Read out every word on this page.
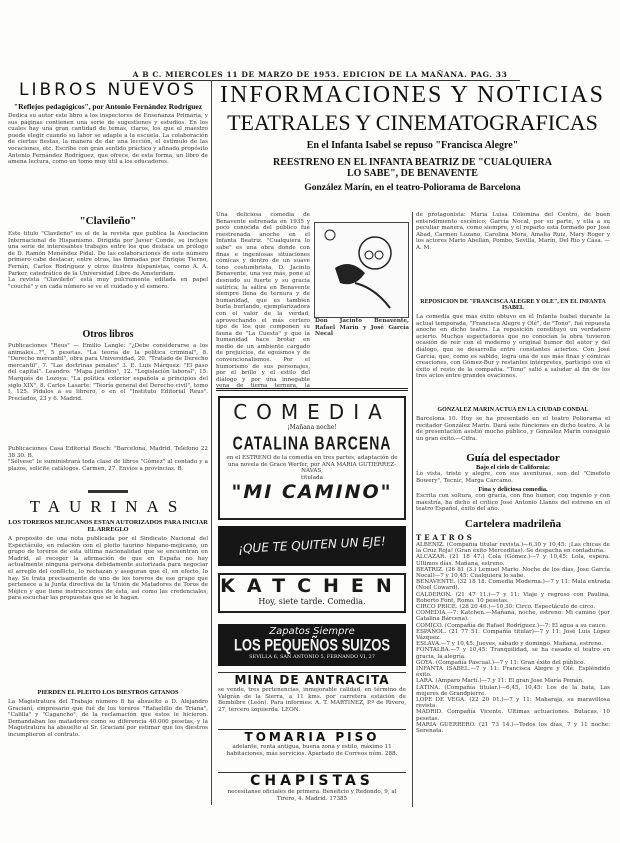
A B C. MIERCOLES 11 DE MARZO DE 1953. EDICION DE LA MAÑANA. PAG. 33
LIBROS NUEVOS
"Reflejos pedagógicos", por Antonio Fernández Rodríguez
Dedica su autor este libro a los inspectores de Enseñanza Primaria, y sus páginas contienen una serie de sugestiones y estudios. En los cuales hay una gran cantidad de temas, claros, los que el maestro puede elegir cuando su labor se adapte a la escuela. La colaboración de ciertas fiestas, la manera de dar una lección, el estímulo de las vocaciones, etc. Escribe con gran sentido práctico y afinado propósito Antonio Fernández Rodríguez, que ofrece, de esta forma, un libro de amena lectura, como un tomo muy útil a los educadores.
"Clavileño"
Este título "Clavileño" es el de la revista que publica la Asociación Internacional de Hispanismo. Dirigida por Javier Conde, se incluye una serie de interesantes trabajos entre los que destaca un prólogo de D. Ramón Menéndez Pidal. De las colaboraciones de este número primero cabe destacar, entre otras, las firmadas por Enrique Tierno, Fernán, Carlos Rodríguez y otros ilustres hispanistas, como A. A. Parker, catedrático de la Universidad Libre de Amsterdam.
La revista "Clavileño" está muy pulcramente editada en papel "couché" y en cada número se ve el cuidado y el esmero.
Otros libros
Publicaciones "Reus" — Emilio Langle: "¿Debe considerarse a los animales...?", 5 pesetas. "La teoría de la política criminal", 8. "Derecho mercantil", obra para Universidad, 20. "Tratado de Derecho mercantil", 7. "Las doctrinas penales" 3. E. Luis Márquez: "El paso del capital". Leandro: "Mapa jurídico", 12. "Legislación laboral", 15. Marqués de Lozoya: "La política exterior española a principios del siglo XIX", 8. Carlos Lasarte: "Teoría general del Derecho civil", tomo I, 125. Pídalos a su librero, o en el "Instituto Editorial Reus". Preciados, 23 y 6. Madrid.
Publicaciones Casa Editorial Bosch: "Barcelona, Madrid. Teléfono 22 38 30. B.
"Sélvese" le suministrará toda clase de libros "Gómez" al contado y a plazos, solicite catálogos. Carmen, 27. Envíos a provincias. B.
TAURINAS
LOS TOREROS MEJICANOS ESTAN AUTORIZADOS PARA INICIAR EL ARREGLO
A propósito de una nota publicada por el Sindicato Nacional del Espectáculo, en relación con el pleito taurino hispano-mejicano, un grupo de toreros de esta última nacionalidad que se encuentran en Madrid, al recoger la afirmación de que en España no hay actualmente ninguna persona debidamente autorizada para negociar el arreglo del conflicto, lo rechazan y aseguran que él, en efecto, lo hay. Se trata precisamente de uno de los toreros de ese grupo que pertenece a la Junta directiva de la Unión de Matadores de Toros de Méjico y que tiene instrucciones de ésta, así como las credenciales, para escuchar las propuestas que se le hagan.
PIERDEN EL PLEITO LOS DIESTROS GITANOS
La Magistratura del Trabajo número 8 ha absuelto a D. Alejandro Gracianí, empresario que fué de los toreros "Rafaelillo de Triana", "Calilla" y "Cagancho", de la reclamación que éstos le hicieron. Demandaban los matadores como su diferencia 40.000 pesetas, y la Magistratura ha absuelto al Sr. Gracianí por estimar que los diestros incumplieron el contrato.
INFORMACIONES Y NOTICIAS
TEATRALES Y CINEMATOGRAFICAS
En el Infanta Isabel se repuso "Francisca Alegre"
REESTRENO EN EL INFANTA BEATRIZ DE "CUALQUIERA
LO SABE", DE BENAVENTE
González Marín, en el teatro-Poliorama de Barcelona
Una deliciosa comedia de Benavente estrenada en 1935 y poco conocida del público fué reestrenada anoche en el Infanta Beatriz. "Cualquiera lo sabe" es una obra donde con finas e ingeniosas situaciones cómicas y dentro de un suave tono costumbrista, D. Jacinto Benavente, una vez más, pone al desnudo su fuerte y su gracia satírica; la sátira en Benavente siempre llena de ternura y de humanidad, que es también burla burlando, ejemplarizadora con el valor de la verdad, aprovechando el más certero tipo de los que componen su fauna de "La Cuesta" y que la humanidad hace brotar en medio de un ambiente cargado de prejuicios, de egoísmos y de convencionalismos. Por el humorismo de sus personajes, por el brillo y el estilo del diálogo y por una innegable vena de tierna ternura, la
Don Jacinto Benavente, Rafael Marín y José García Nocal
COMEDIA
¡Mañana noche!
CATALINA BARCENA
en el ESTRENO de la comedia en tres partes, adaptación de una novela de Grace Werfer, por ANA MARIA GUTIERREZ-NAVAS,
titulada
"MI CAMINO"
¡QUE TE QUITEN UN EJE!
KATCHEN
Hoy, siete tarde. Comedia.
Zapatos Siempre
LOS PEQUEÑOS SUIZOS
SEVILLA 6, SAN ANTONIO 5, FERNANDO VI, 27
MINA DE ANTRACITA
se vende, tres pertenencias, inmejorable calidad, en término de Valgrán de la Sierra, a 11 kms. por carretera estación de Bembibre (León). Para informes: A. T. MARTINEZ, P.º de Rivero, 27, tercero izquierda. LEON.
TOMARIA PISO
adelante, renta antigua, buena zona y estilo, máximo 11 habitaciones, más servicios. Apartado de Correos núm. 288.
CHAPISTAS
necesítanse oficiales de primera. Beneficio y Redondo, 9, al Tirero, 4. Madrid. 17385
de protagonista: María Luisa Colomina del Centro, de buen entendimiento escénico; García Nocal, por su parte, y ella a su peculiar manera, como siempre, y el reparto está formado por José Abad, Carmen Lozano, Carolina Mora, Amalia Ruiz, Mary Roger y los actores Mario Abellán, Pombo, Sevilla, Marín, Del Río y Casa. —A. M.
REPOSICION DE "FRANCISCA ALEGRE Y OLE", EN EL INFANTA ISABEL
La comedia que más éxito obtuvo en el Infanta Isabel durante la actual temporada, "Francisca Alegre y Olé", de "Tono", fué repuesta anoche en dicho teatro. La reposición constituyó un verdadero acierto. Muchos espectadores que no conocían la obra tuvieron ocasión de reír con el moderno y original humor del autor y del diálogo, que se desarrolla entre constantes aciertos. Con José García, que, como es sabido, logra una de sus más finas y cómicas creaciones, con Gómez-Bur y restantes intérpretes, participó con el éxito el resto de la compañía. "Tono" salió a saludar al fin de los tres actos entre grandes ovaciones.
GONZALEZ MARIN ACTUA EN LA CIUDAD CONDAL
Barcelona 10. Hoy se ha presentado en el teatro Poliorama el recitador González Marín. Dará seis funciones en dicho teatro. A la de presentación asistió mucho público, y González Marín consiguió un gran éxito.—Cifra.
Guía del espectador
Bajo el cielo de California:
Lo vista, triste y alegre, con sus aventuras, son del "Cinefoto Bowery", Tecnic, Marga Cárcamo.
Fina y deliciosa comedia.
Escrita con soltura, con gracia, con fino humor, con ingenio y con maestría, ha dicho el crítico José Antonio Llanos del estreno en el teatro Español, éxito del año.
Cartelera madrileña
TEATROS
ALBENIZ. (Compañía titular revista.)—6,30 y 10,45: ¡Las chicas de la Cruz Roja! (Gran éxito Merceditas). Se despacha en contaduría.
ALCAZAR. (21 18 47.) Cola (Gómez.)—7 y 10,45: Lola, espera. Ultimos días. Mañana, estreno.
BEATRIZ. (26 81 (3.) Lemuel Mario. Noche de los días, Jose García Nocal)—7 y 10,45: Cualquiera lo sabe.
BENAVENTE. (32 18 18. Comedia Moderna.)—7 y 11: Mala entrada (Noel Coward).
CALDERON. (21 47 11.)—7 y 11: Viaje y regreso con Paulina, Roberto Font, Romo. 10 pesetas.
CIRCO PRICE. (28 20 46.)—10,30: Circo. Espectáculo de circo.
COMEDIA.—7: Katchen.—Mañana, noche, estreno: Mi camino (por Catalina Bárcena).
COMICO. (Compañía de Rafael Rodríguez.)—7: El agua a su cauce.
ESPAÑOL. (21 77 51. Compañía titular)—7 y 11: José Luis López Vázquez.
ESLAVA.—7 y 10,45: Jueves, sábado y domingo. Mañana, estreno.
FONTALBA.—7 y 10,45: Tranquilidad, se ha casado el teatro en gracia, la alegría.
GOYA. (Compañía Pascual.)—7 y 11: Gran éxito del público.
INFANTA ISABEL.—7 y 11: Francisca Alegre y Olé. Espléndido éxito.
LARA. (Amparo Martí.)—7 y 11: El gran Jose María Pemán.
LATINA. (Compañía titular.)—6,45, 10,45: Los de la bata, Las mujeres de Grandpierre.
LOPE DE VEGA. (22 20 01.)—7 y 11: Maharaja, su maravillosa revista.
MADRID. Compañía Vicente. Ultimas actuaciones. Butacas, 10 pesetas.
MARIA GUERRERO. (21 73 14.)—Todos los días, 7 y 11 noche: Serenata.
